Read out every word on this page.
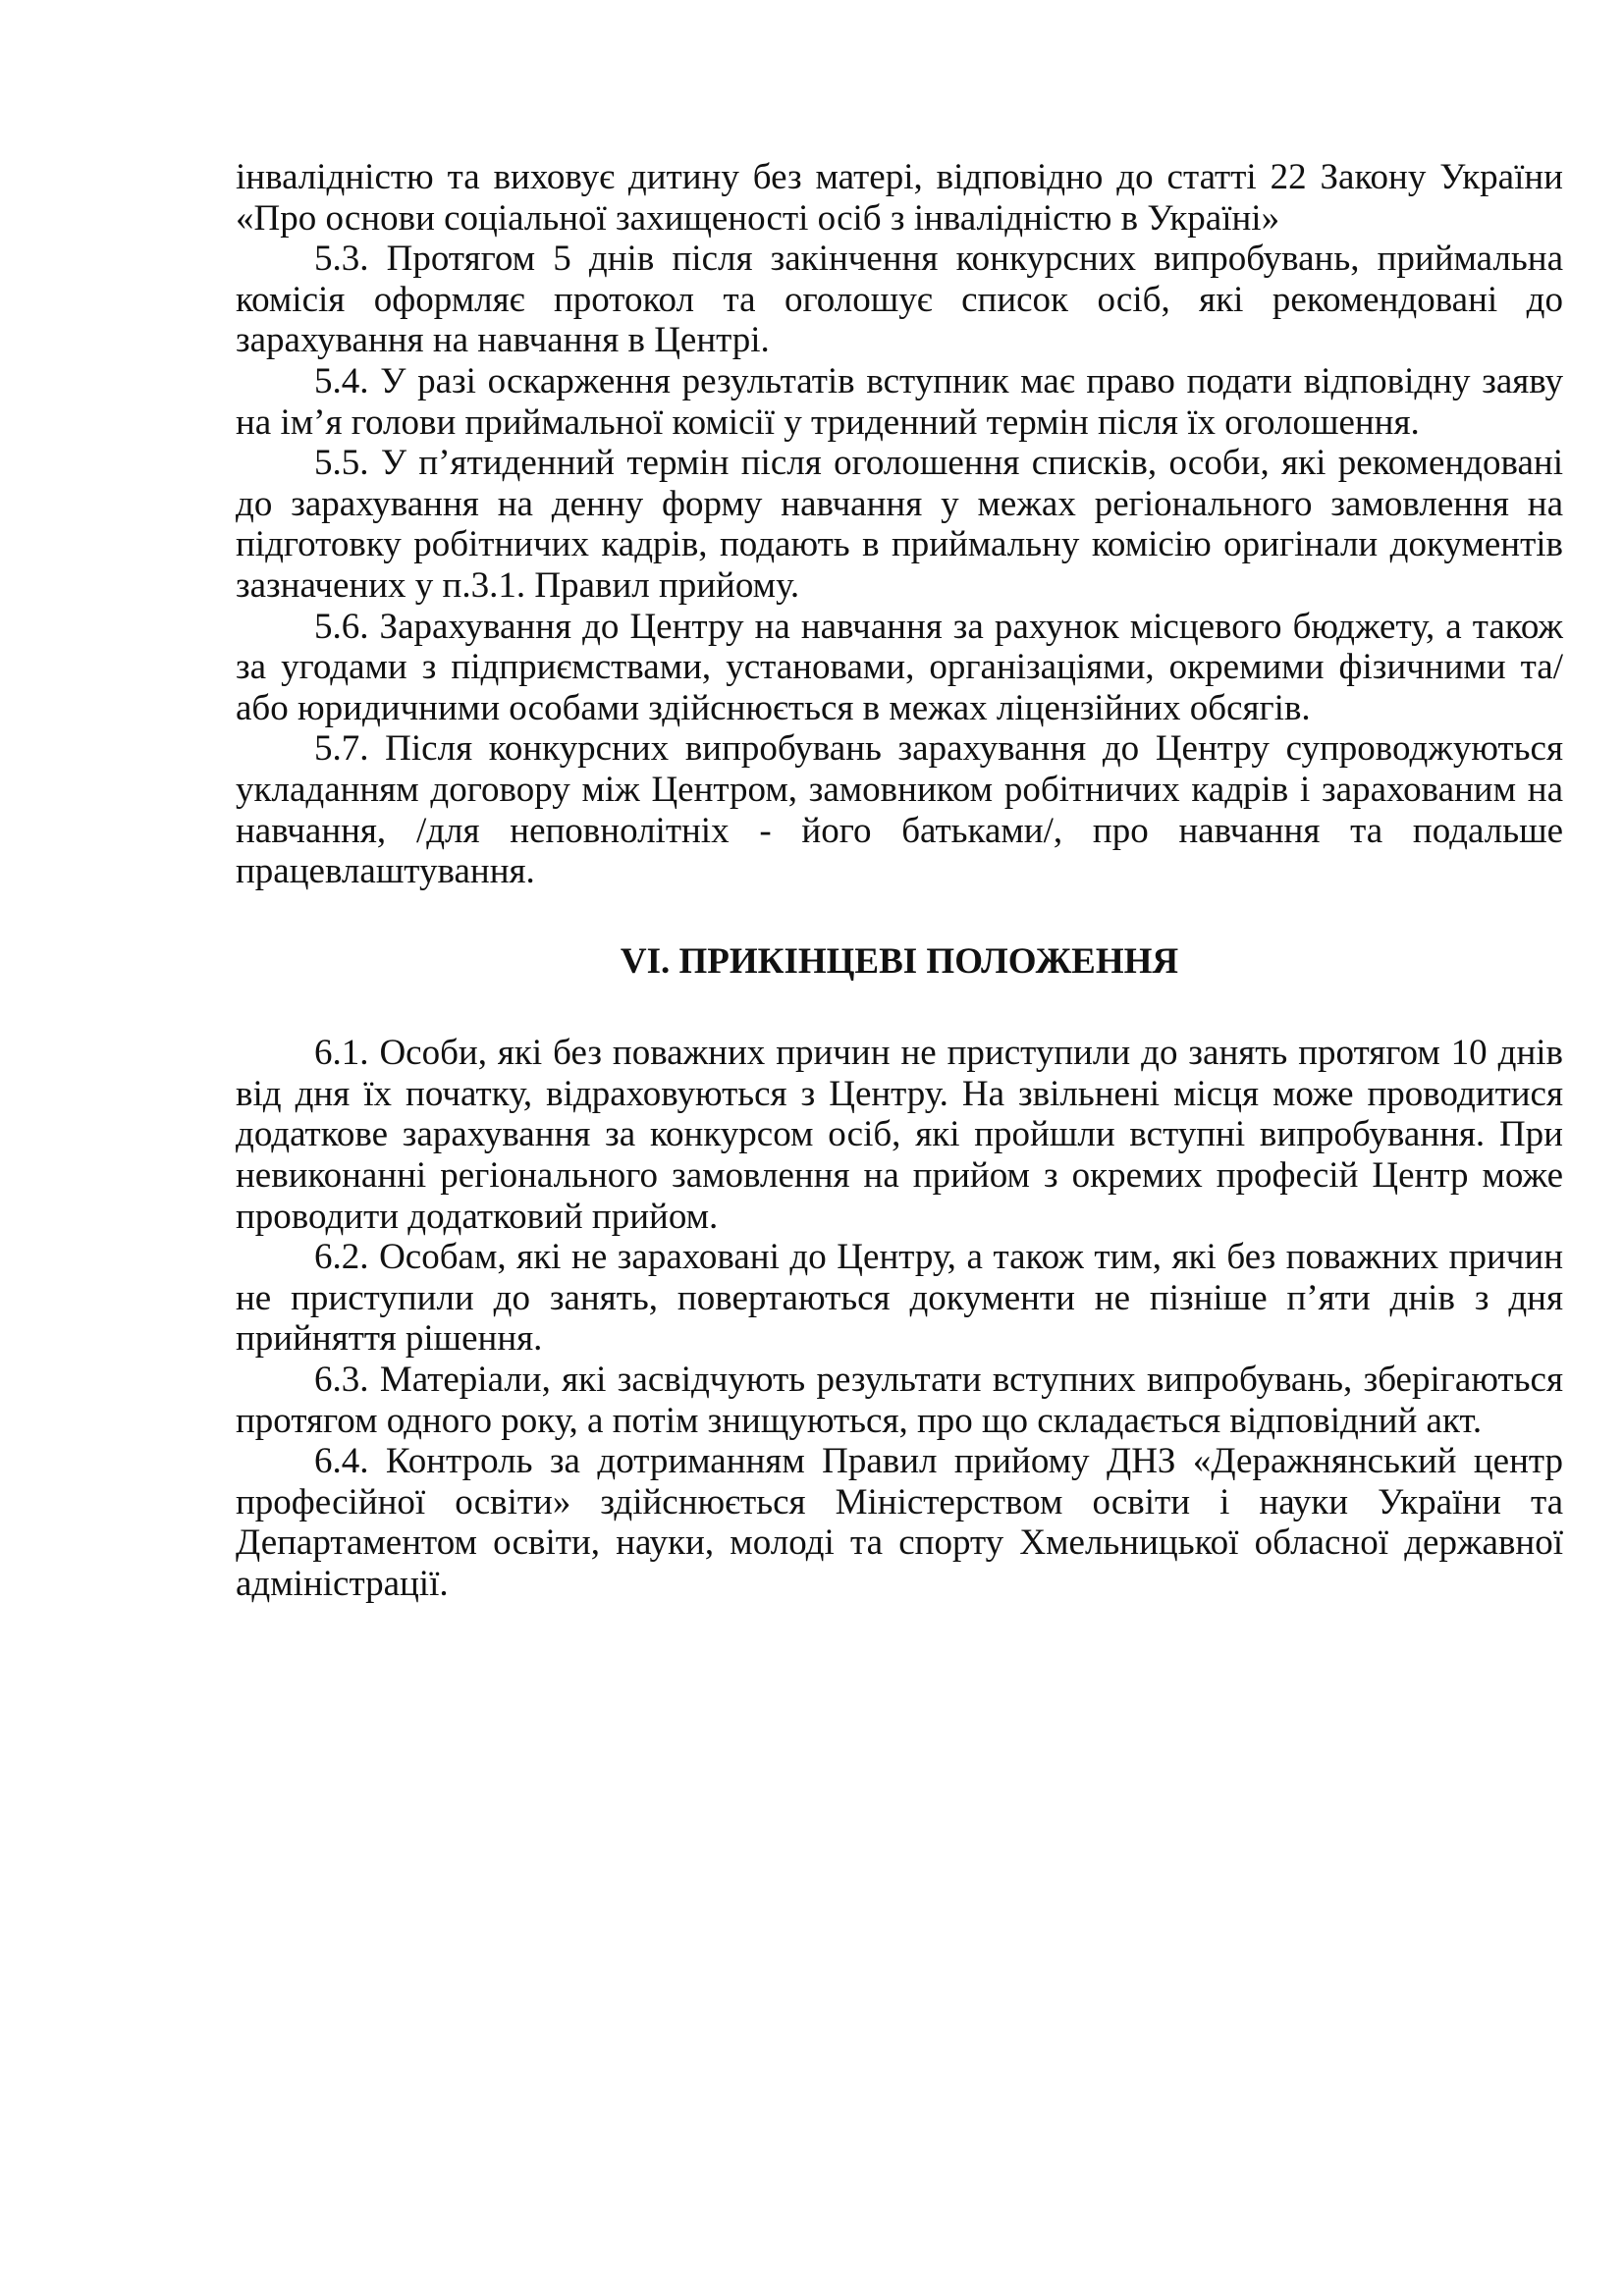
інвалідністю та виховує дитину без матері, відповідно до статті 22 Закону України «Про основи соціальної захищеності осіб з інвалідністю в Україні»

5.3. Протягом 5 днів після закінчення конкурсних випробувань, приймальна комісія оформляє протокол та оголошує список осіб, які рекомендовані до зарахування на навчання в Центрі.

5.4. У разі оскарження результатів вступник має право подати відповідну заяву на ім’я голови приймальної комісії у триденний термін після їх оголошення.

5.5. У п’ятиденний термін після оголошення списків, особи, які рекомендовані до зарахування на денну форму навчання у межах регіонального замовлення на підготовку робітничих кадрів, подають в приймальну комісію оригінали документів зазначених у п.3.1. Правил прийому.

5.6. Зарахування до Центру на навчання за рахунок місцевого бюджету, а також за угодами з підприємствами, установами, організаціями, окремими фізичними та/або юридичними особами здійснюється в межах ліцензійних обсягів.

5.7. Після конкурсних випробувань зарахування до Центру супроводжуються укладанням договору між Центром, замовником робітничих кадрів і зарахованим на навчання, /для неповнолітніх - його батьками/, про навчання та подальше працевлаштування.

VI. ПРИКІНЦЕВІ ПОЛОЖЕННЯ

6.1. Особи, які без поважних причин не приступили до занять протягом 10 днів від дня їх початку, відраховуються з Центру. На звільнені місця може проводитися додаткове зарахування за конкурсом осіб, які пройшли вступні випробування. При невиконанні регіонального замовлення на прийом з окремих професій Центр може проводити додатковий прийом.

6.2. Особам, які не зараховані до Центру, а також тим, які без поважних причин не приступили до занять, повертаються документи не пізніше п’яти днів з дня прийняття рішення.

6.3. Матеріали, які засвідчують результати вступних випробувань, зберігаються протягом одного року, а потім знищуються, про що складається відповідний акт.

6.4. Контроль за дотриманням Правил прийому ДНЗ «Деражнянський центр професійної освіти» здійснюється Міністерством освіти і науки України та Департаментом освіти, науки, молоді та спорту Хмельницької обласної державної адміністрації.
